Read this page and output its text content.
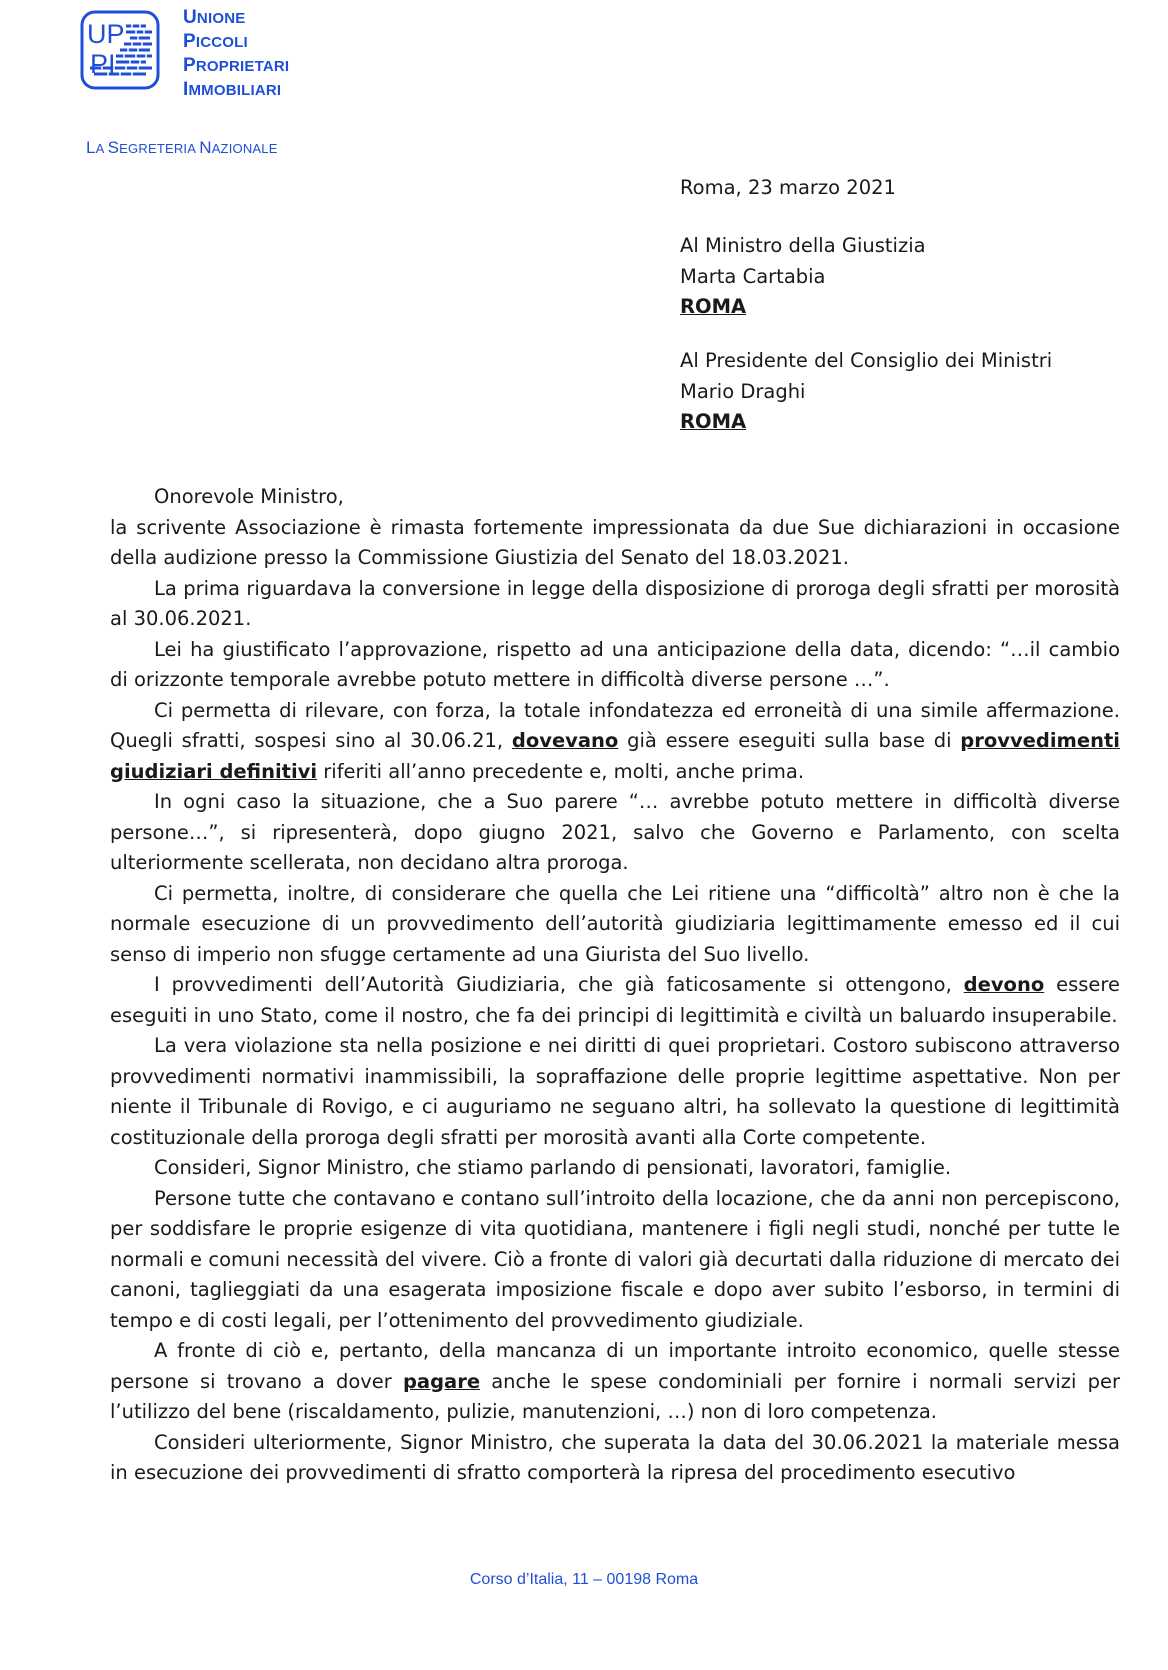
UP
PI
UNIONE
PICCOLI
PROPRIETARI
IMMOBILIARI
LA SEGRETERIA NAZIONALE
Roma, 23 marzo 2021
Al Ministro della Giustizia
Marta Cartabia
ROMA
Al Presidente del Consiglio dei Ministri
Mario Draghi
ROMA

Onorevole Ministro,

la scrivente Associazione è rimasta fortemente impressionata da due Sue dichiarazioni in occasione della audizione presso la Commissione Giustizia del Senato del 18.03.2021.

La prima riguardava la conversione in legge della disposizione di proroga degli sfratti per morosità al 30.06.2021.

Lei ha giustificato l’approvazione, rispetto ad una anticipazione della data, dicendo: “…il cambio di orizzonte temporale avrebbe potuto mettere in difficoltà diverse persone …”.

Ci permetta di rilevare, con forza, la totale infondatezza ed erroneità di una simile affermazione. Quegli sfratti, sospesi sino al 30.06.21, dovevano già essere eseguiti sulla base di provvedimenti giudiziari definitivi riferiti all’anno precedente e, molti, anche prima.

In ogni caso la situazione, che a Suo parere “… avrebbe potuto mettere in difficoltà diverse persone…”, si ripresenterà, dopo giugno 2021, salvo che Governo e Parlamento, con scelta ulteriormente scellerata, non decidano altra proroga.

Ci permetta, inoltre, di considerare che quella che Lei ritiene una “difficoltà” altro non è che la normale esecuzione di un provvedimento dell’autorità giudiziaria legittimamente emesso ed il cui senso di imperio non sfugge certamente ad una Giurista del Suo livello.

I provvedimenti dell’Autorità Giudiziaria, che già faticosamente si ottengono, devono essere eseguiti in uno Stato, come il nostro, che fa dei principi di legittimità e civiltà un baluardo insuperabile.

La vera violazione sta nella posizione e nei diritti di quei proprietari. Costoro subiscono attraverso provvedimenti normativi inammissibili, la sopraffazione delle proprie legittime aspettative. Non per niente il Tribunale di Rovigo, e ci auguriamo ne seguano altri, ha sollevato la questione di legittimità costituzionale della proroga degli sfratti per morosità avanti alla Corte competente.

Consideri, Signor Ministro, che stiamo parlando di pensionati, lavoratori, famiglie.

Persone tutte che contavano e contano sull’introito della locazione, che da anni non percepiscono, per soddisfare le proprie esigenze di vita quotidiana, mantenere i figli negli studi, nonché per tutte le normali e comuni necessità del vivere. Ciò a fronte di valori già decurtati dalla riduzione di mercato dei canoni, taglieggiati da una esagerata imposizione fiscale e dopo aver subito l’esborso, in termini di tempo e di costi legali, per l’ottenimento del provvedimento giudiziale.

A fronte di ciò e, pertanto, della mancanza di un importante introito economico, quelle stesse persone si trovano a dover pagare anche le spese condominiali per fornire i normali servizi per l’utilizzo del bene (riscaldamento, pulizie, manutenzioni, …) non di loro competenza.

Consideri ulteriormente, Signor Ministro, che superata la data del 30.06.2021 la materiale messa in esecuzione dei provvedimenti di sfratto comporterà la ripresa del procedimento esecutivo

Corso d’Italia, 11 – 00198 Roma
